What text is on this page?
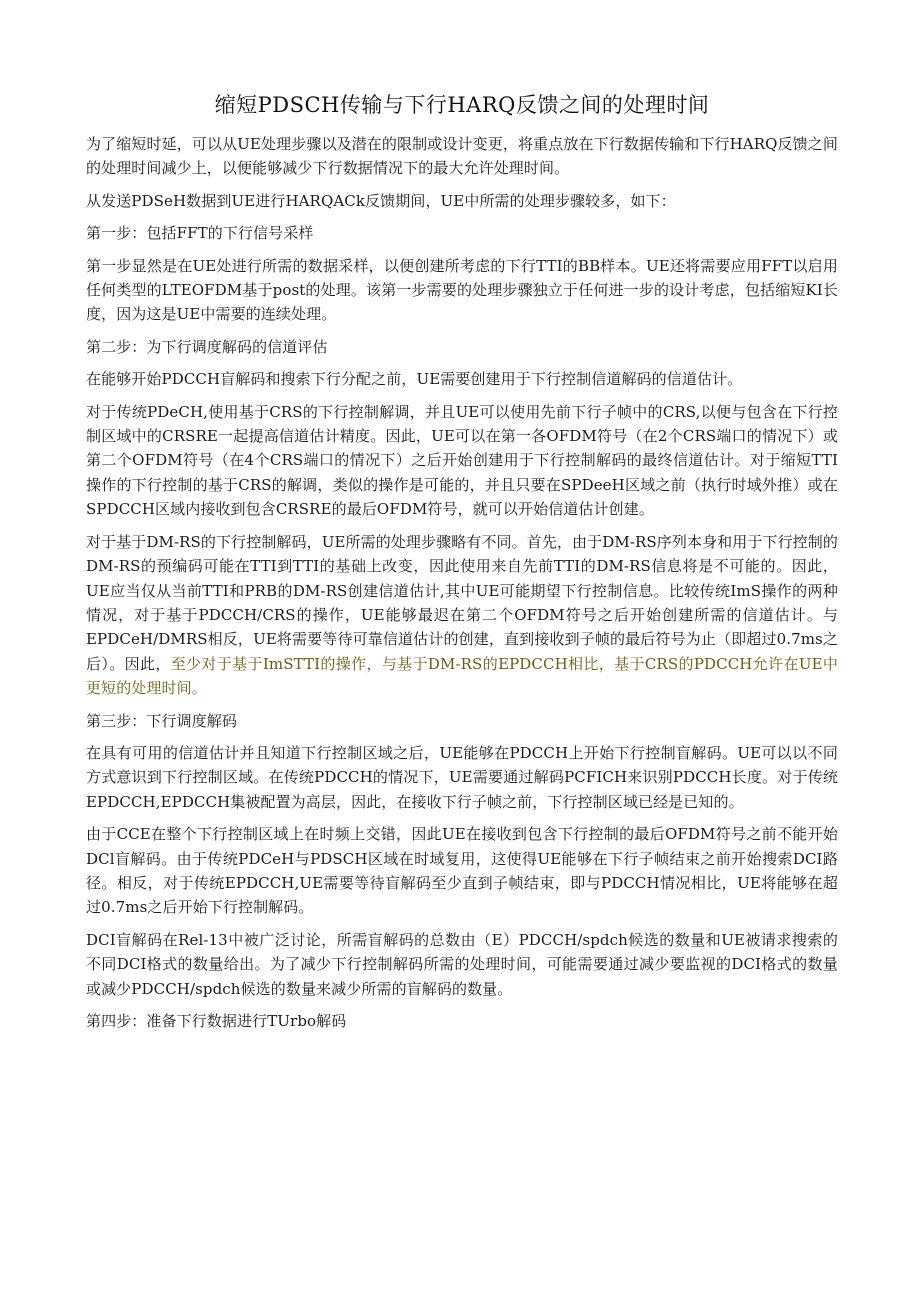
缩短PDSCH传输与下行HARQ反馈之间的处理时间

为了缩短时延，可以从UE处理步骤以及潜在的限制或设计变更，将重点放在下行数据传输和下行HARQ反馈之间的处理时间减少上，以便能够减少下行数据情况下的最大允许处理时间。

从发送PDSeH数据到UE进行HARQACk反馈期间，UE中所需的处理步骤较多，如下：

第一步：包括FFT的下行信号采样

第一步显然是在UE处进行所需的数据采样，以便创建所考虑的下行TTI的BB样本。UE还将需要应用FFT以启用任何类型的LTEOFDM基于post的处理。该第一步需要的处理步骤独立于任何进一步的设计考虑，包括缩短KI长度，因为这是UE中需要的连续处理。

第二步：为下行调度解码的信道评估

在能够开始PDCCH盲解码和搜索下行分配之前，UE需要创建用于下行控制信道解码的信道估计。

对于传统PDeCH,使用基于CRS的下行控制解调，并且UE可以使用先前下行子帧中的CRS,以便与包含在下行控制区域中的CRSRE一起提高信道估计精度。因此，UE可以在第一各OFDM符号（在2个CRS端口的情况下）或第二个OFDM符号（在4个CRS端口的情况下）之后开始创建用于下行控制解码的最终信道估计。对于缩短TTI操作的下行控制的基于CRS的解调，类似的操作是可能的，并且只要在SPDeeH区域之前（执行时域外推）或在SPDCCH区域内接收到包含CRSRE的最后OFDM符号，就可以开始信道估计创建。

对于基于DM-RS的下行控制解码，UE所需的处理步骤略有不同。首先，由于DM-RS序列本身和用于下行控制的DM-RS的预编码可能在TTI到TTI的基础上改变，因此使用来自先前TTI的DM-RS信息将是不可能的。因此，UE应当仅从当前TTI和PRB的DM-RS创建信道估计,其中UE可能期望下行控制信息。比较传统ImS操作的两种情况，对于基于PDCCH/CRS的操作，UE能够最迟在第二个OFDM符号之后开始创建所需的信道估计。与EPDCeH/DMRS相反，UE将需要等待可靠信道估计的创建，直到接收到子帧的最后符号为止（即超过0.7ms之后）。因此，至少对于基于ImSTTI的操作，与基于DM-RS的EPDCCH相比，基于CRS的PDCCH允许在UE中更短的处理时间。

第三步：下行调度解码

在具有可用的信道估计并且知道下行控制区域之后，UE能够在PDCCH上开始下行控制盲解码。UE可以以不同方式意识到下行控制区域。在传统PDCCH的情况下，UE需要通过解码PCFICH来识别PDCCH长度。对于传统EPDCCH,EPDCCH集被配置为高层，因此，在接收下行子帧之前，下行控制区域已经是已知的。

由于CCE在整个下行控制区域上在时频上交错，因此UE在接收到包含下行控制的最后OFDM符号之前不能开始DCl盲解码。由于传统PDCeH与PDSCH区域在时域复用，这使得UE能够在下行子帧结束之前开始搜索DCI路径。相反，对于传统EPDCCH,UE需要等待盲解码至少直到子帧结束，即与PDCCH情况相比，UE将能够在超过0.7ms之后开始下行控制解码。

DCI盲解码在Rel-13中被广泛讨论，所需盲解码的总数由（E）PDCCH/spdch候选的数量和UE被请求搜索的不同DCI格式的数量给出。为了减少下行控制解码所需的处理时间，可能需要通过减少要监视的DCI格式的数量或减少PDCCH/spdch候选的数量来减少所需的盲解码的数量。

第四步：准备下行数据进行TUrbo解码
